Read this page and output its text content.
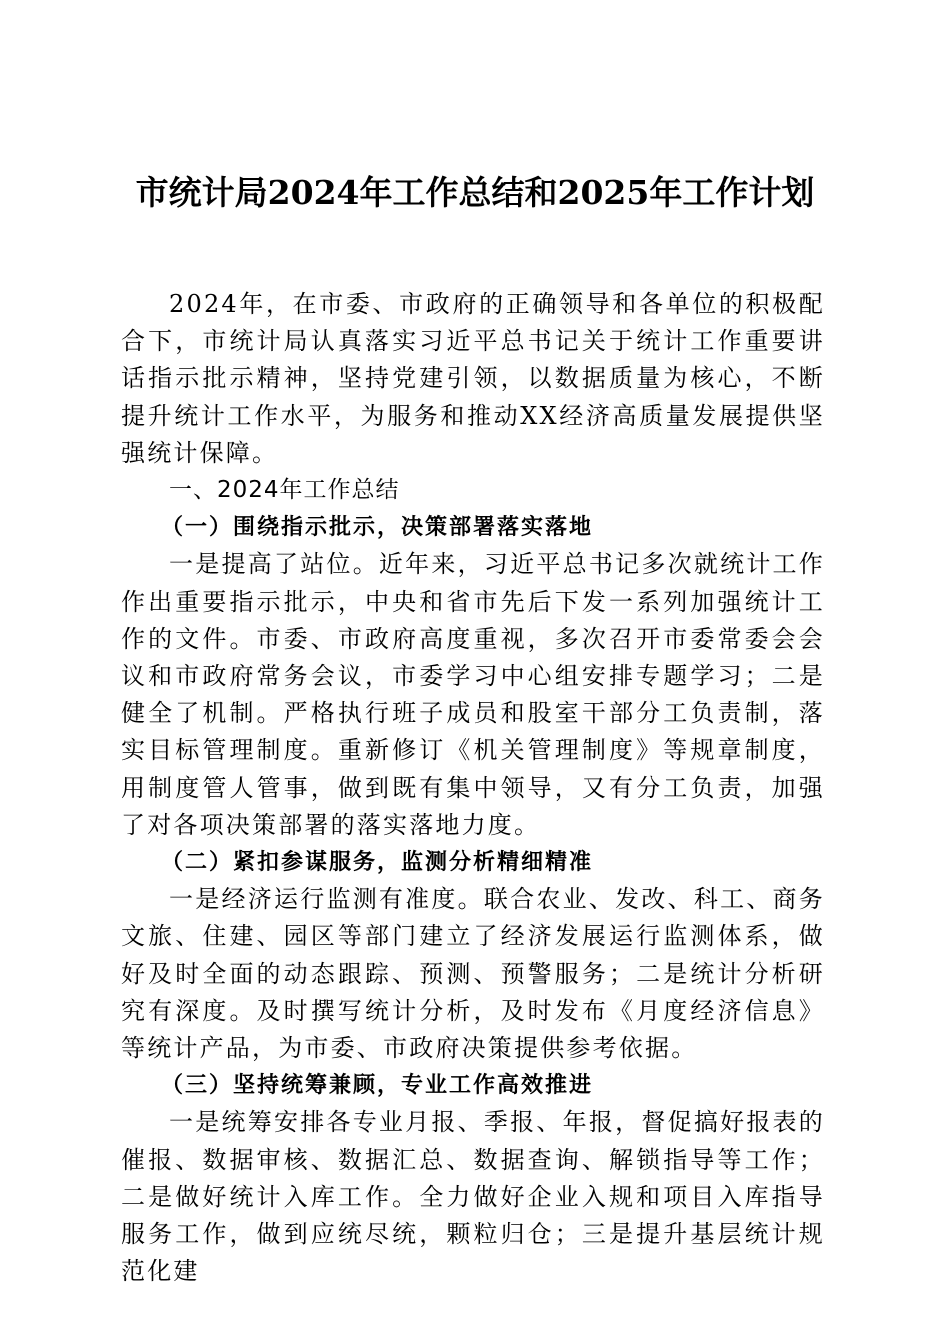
市统计局2024年工作总结和2025年工作计划

2024年，在市委、市政府的正确领导和各单位的积极配合下，市统计局认真落实习近平总书记关于统计工作重要讲话指示批示精神，坚持党建引领，以数据质量为核心，不断提升统计工作水平，为服务和推动XX经济高质量发展提供坚强统计保障。

一、2024年工作总结

（一）围绕指示批示，决策部署落实落地

一是提高了站位。近年来，习近平总书记多次就统计工作作出重要指示批示，中央和省市先后下发一系列加强统计工作的文件。市委、市政府高度重视，多次召开市委常委会会议和市政府常务会议，市委学习中心组安排专题学习；二是健全了机制。严格执行班子成员和股室干部分工负责制，落实目标管理制度。重新修订《机关管理制度》等规章制度，用制度管人管事，做到既有集中领导，又有分工负责，加强了对各项决策部署的落实落地力度。

（二）紧扣参谋服务，监测分析精细精准

一是经济运行监测有准度。联合农业、发改、科工、商务文旅、住建、园区等部门建立了经济发展运行监测体系，做好及时全面的动态跟踪、预测、预警服务；二是统计分析研究有深度。及时撰写统计分析，及时发布《月度经济信息》等统计产品，为市委、市政府决策提供参考依据。

（三）坚持统筹兼顾，专业工作高效推进

一是统筹安排各专业月报、季报、年报，督促搞好报表的催报、数据审核、数据汇总、数据查询、解锁指导等工作；二是做好统计入库工作。全力做好企业入规和项目入库指导服务工作，做到应统尽统，颗粒归仓；三是提升基层统计规范化建
